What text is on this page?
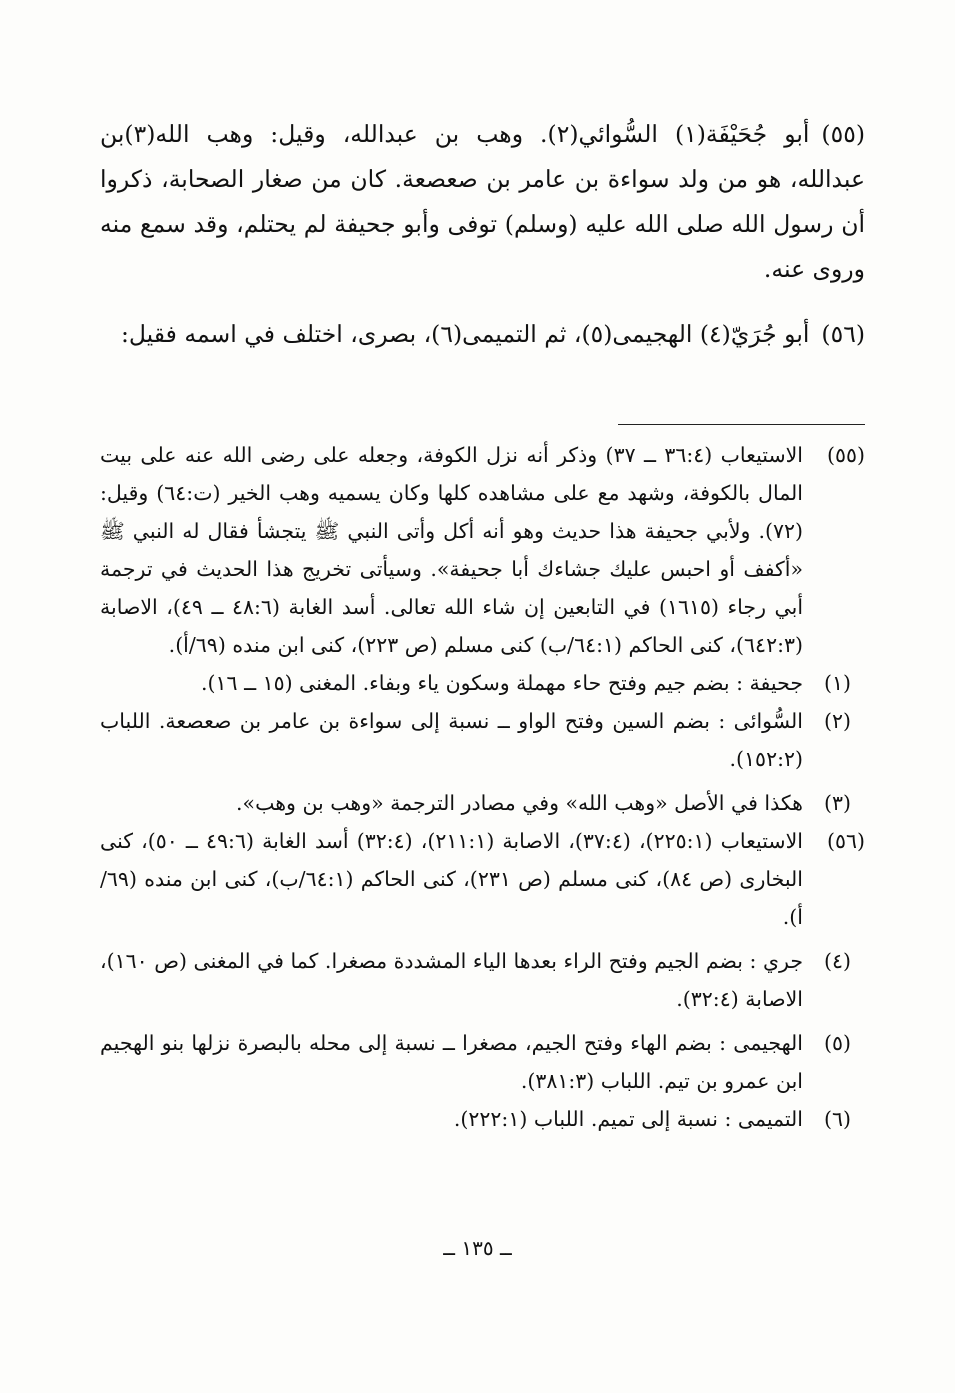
(٥٥)أبو جُحَيْفَة(١) السُّوائي(٢). وهب بن عبدالله، وقيل: وهب الله(٣)بن عبدالله، هو من ولد سواءة بن عامر بن صعصعة. كان من صغار الصحابة، ذكروا أن رسول الله صلى الله عليه (وسلم) توفى وأبو جحيفة لم يحتلم، وقد سمع منه وروى عنه.

(٥٦)أبو جُرَيّ(٤) الهجيمى(٥)، ثم التميمى(٦)، بصرى، اختلف في اسمه فقيل:

(٥٥)
الاستيعاب (٣٦:٤ ــ ٣٧) وذكر أنه نزل الكوفة، وجعله على رضى الله عنه على بيت المال بالكوفة، وشهد مع على مشاهده كلها وكان يسميه وهب الخير (ت:٦٤) وقيل: (٧٢). ولأبي جحيفة هذا حديث وهو أنه أكل وأتى النبي ﷺ يتجشأ فقال له النبي ﷺ «أكفف أو احبس عليك جشاءك أبا جحيفة». وسيأتى تخريج هذا الحديث في ترجمة أبي رجاء (١٦١٥) في التابعين إن شاء الله تعالى. أسد الغابة (٤٨:٦ ــ ٤٩)، الاصابة (٦٤٢:٣)، كنى الحاكم (٦٤:١/ب) كنى مسلم (ص ٢٢٣)، كنى ابن منده (٦٩/أ).
(١)
جحيفة : بضم جيم وفتح حاء مهملة وسكون ياء وبفاء. المغنى (١٥ ــ ١٦).
(٢)
السُّوائى : بضم السين وفتح الواو ــ نسبة إلى سواءة بن عامر بن صعصعة. اللباب (١٥٢:٢).
(٣)
هكذا في الأصل «وهب الله» وفي مصادر الترجمة «وهب بن وهب».
(٥٦)
الاستيعاب (٢٢٥:١)، (٣٧:٤)، الاصابة (٢١١:١)، (٣٢:٤) أسد الغابة (٤٩:٦ ــ ٥٠)، كنى البخارى (ص ٨٤)، كنى مسلم (ص ٢٣١)، كنى الحاكم (٦٤:١/ب)، كنى ابن منده (٦٩/أ).
(٤)
جري : بضم الجيم وفتح الراء بعدها الياء المشددة مصغرا. كما في المغنى (ص ١٦٠)، الاصابة (٣٢:٤).
(٥)
الهجيمى : بضم الهاء وفتح الجيم، مصغرا ــ نسبة إلى محله بالبصرة نزلها بنو الهجيم ابن عمرو بن تيم. اللباب (٣٨١:٣).
(٦)
التميمى : نسبة إلى تميم. اللباب (٢٢٢:١).
ــ ١٣٥ ــ
